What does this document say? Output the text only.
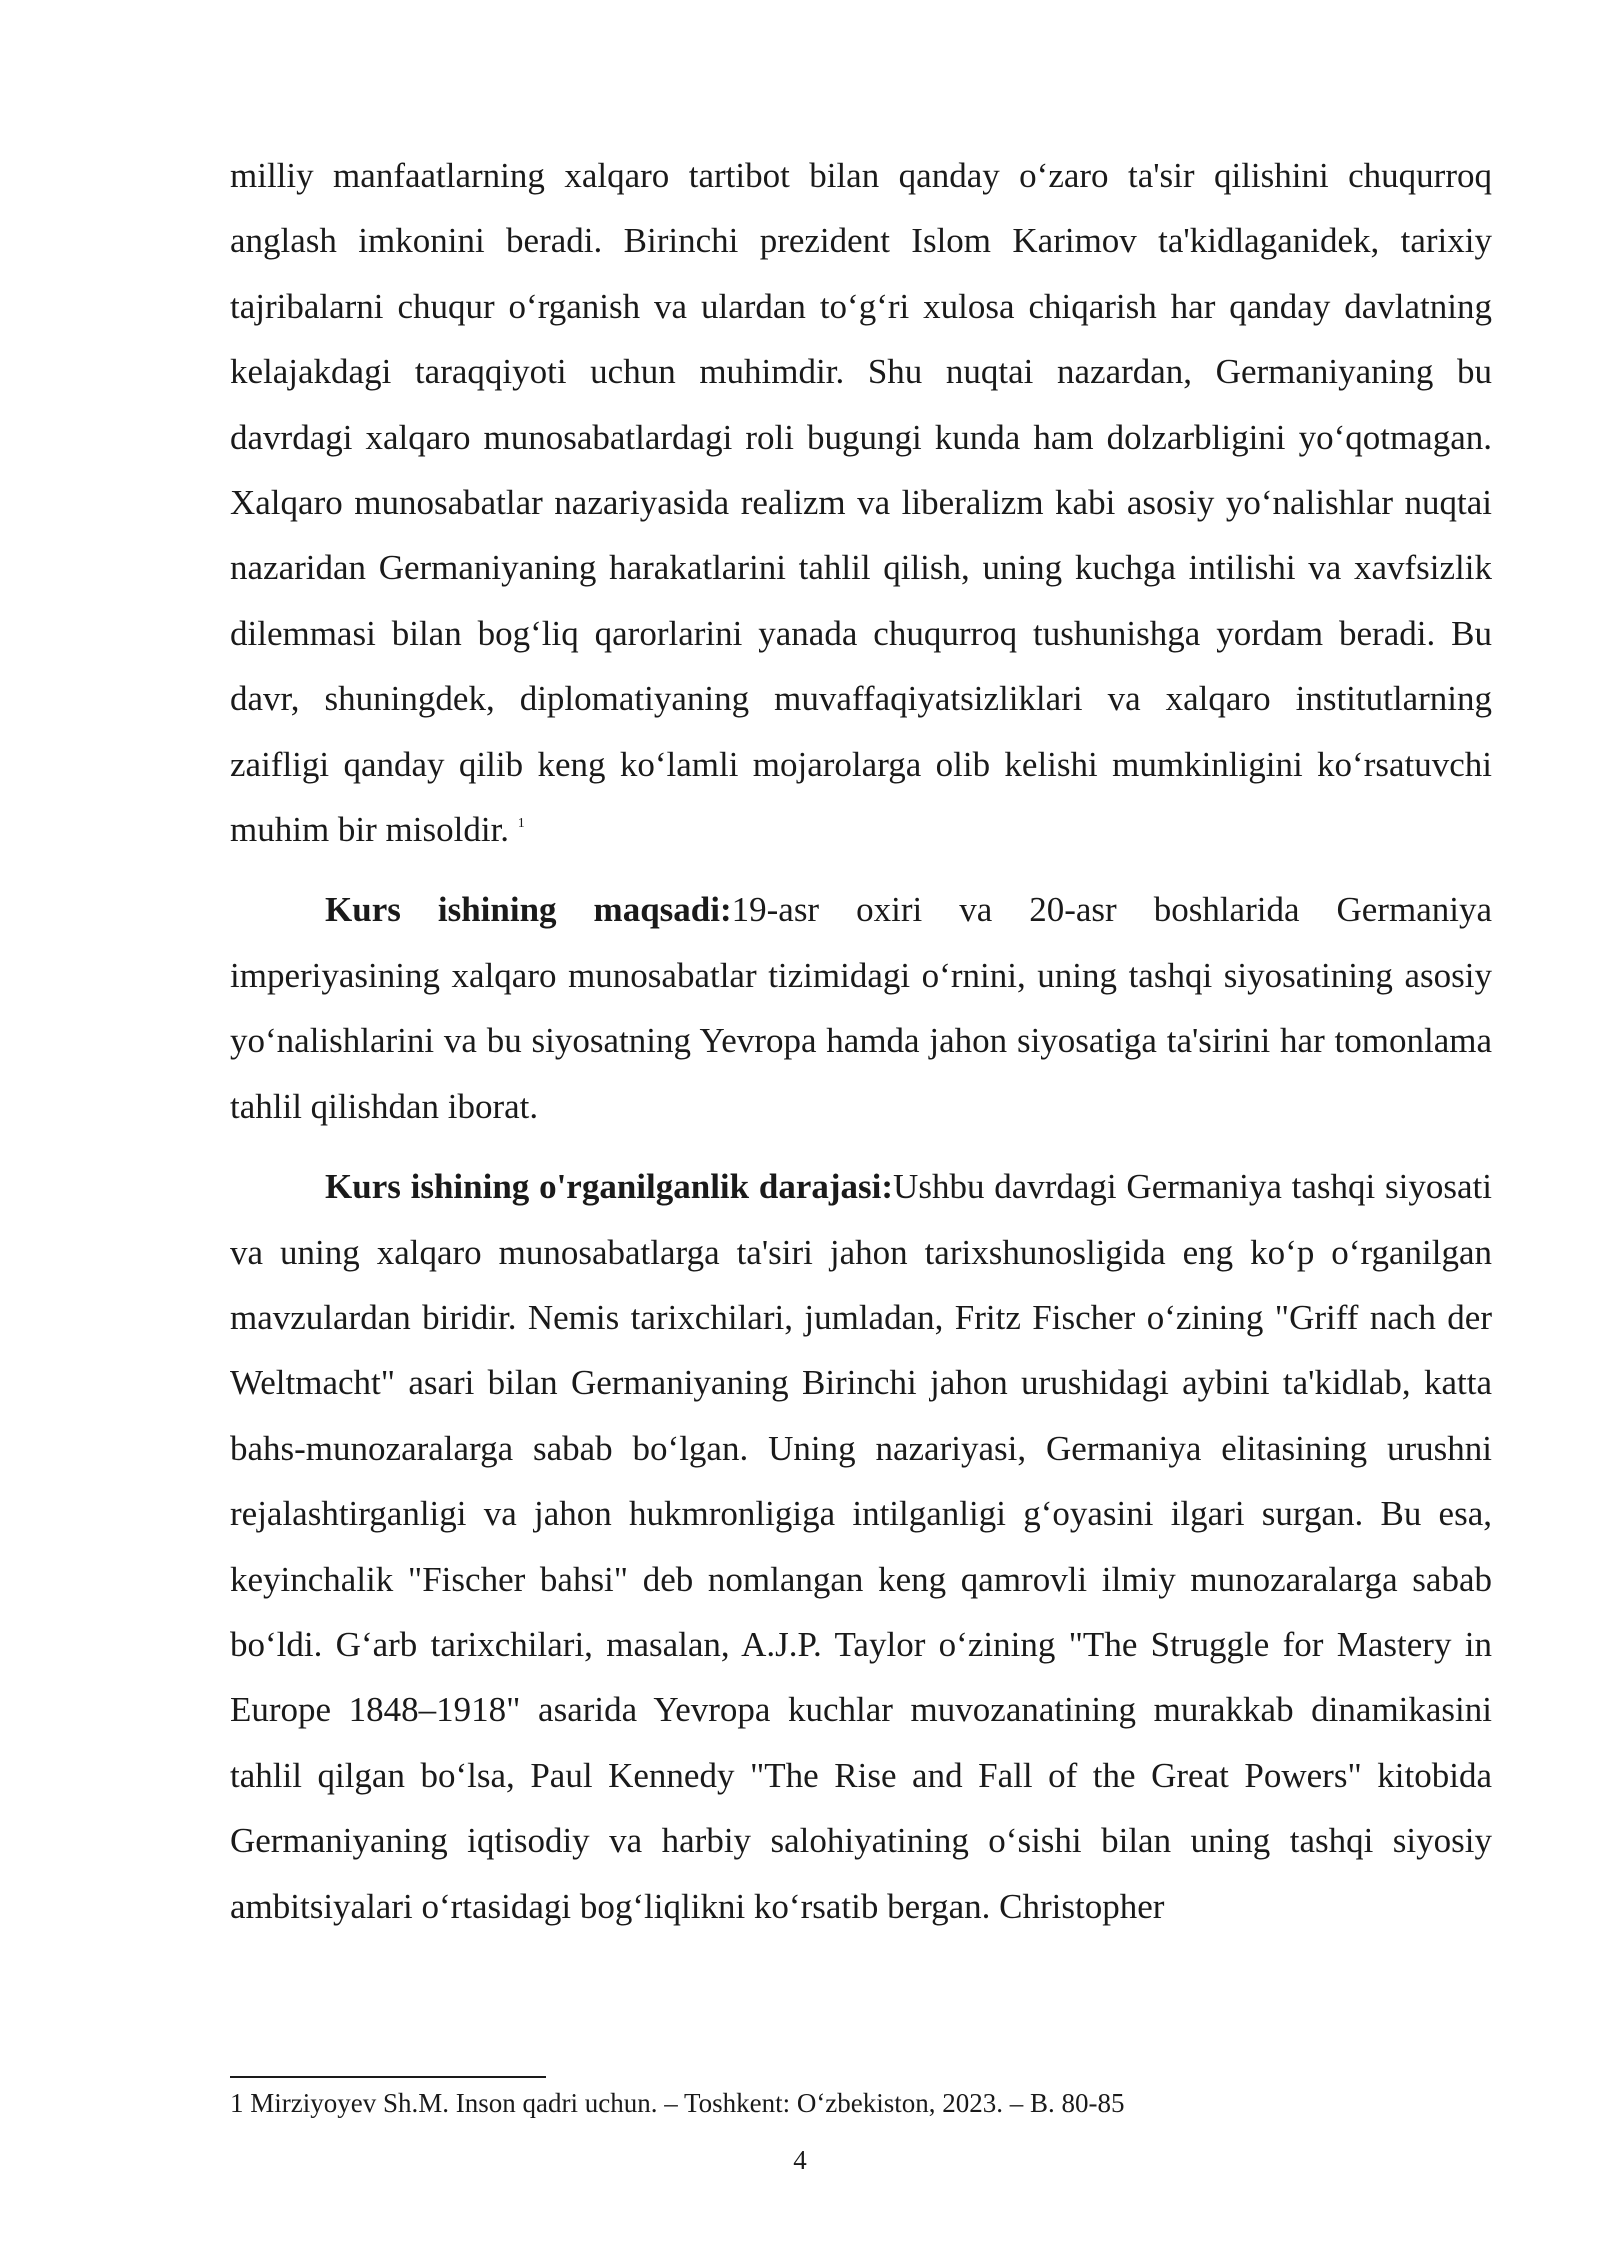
milliy manfaatlarning xalqaro tartibot bilan qanday o‘zaro ta'sir qilishini chuqurroq anglash imkonini beradi. Birinchi prezident Islom Karimov ta'kidlaganidek, tarixiy tajribalarni chuqur o‘rganish va ulardan to‘g‘ri xulosa chiqarish har qanday davlatning kelajakdagi taraqqiyoti uchun muhimdir. Shu nuqtai nazardan, Germaniyaning bu davrdagi xalqaro munosabatlardagi roli bugungi kunda ham dolzarbligini yo‘qotmagan. Xalqaro munosabatlar nazariyasida realizm va liberalizm kabi asosiy yo‘nalishlar nuqtai nazaridan Germaniyaning harakatlarini tahlil qilish, uning kuchga intilishi va xavfsizlik dilemmasi bilan bog‘liq qarorlarini yanada chuqurroq tushunishga yordam beradi. Bu davr, shuningdek, diplomatiyaning muvaffaqiyatsizliklari va xalqaro institutlarning zaifligi qanday qilib keng ko‘lamli mojarolarga olib kelishi mumkinligini ko‘rsatuvchi muhim bir misoldir. $^1$

Kurs ishining maqsadi:19-asr oxiri va 20-asr boshlarida Germaniya imperiyasining xalqaro munosabatlar tizimidagi o‘rnini, uning tashqi siyosatining asosiy yo‘nalishlarini va bu siyosatning Yevropa hamda jahon siyosatiga ta'sirini har tomonlama tahlil qilishdan iborat.

Kurs ishining o'rganilganlik darajasi:Ushbu davrdagi Germaniya tashqi siyosati va uning xalqaro munosabatlarga ta'siri jahon tarixshunosligida eng ko‘p o‘rganilgan mavzulardan biridir. Nemis tarixchilari, jumladan, Fritz Fischer o‘zining "Griff nach der Weltmacht" asari bilan Germaniyaning Birinchi jahon urushidagi aybini ta'kidlab, katta bahs-munozaralarga sabab bo‘lgan. Uning nazariyasi, Germaniya elitasining urushni rejalashtirganligi va jahon hukmronligiga intilganligi g‘oyasini ilgari surgan. Bu esa, keyinchalik "Fischer bahsi" deb nomlangan keng qamrovli ilmiy munozaralarga sabab bo‘ldi. G‘arb tarixchilari, masalan, A.J.P. Taylor o‘zining "The Struggle for Mastery in Europe 1848–1918" asarida Yevropa kuchlar muvozanatining murakkab dinamikasini tahlil qilgan bo‘lsa, Paul Kennedy "The Rise and Fall of the Great Powers" kitobida Germaniyaning iqtisodiy va harbiy salohiyatining o‘sishi bilan uning tashqi siyosiy ambitsiyalari o‘rtasidagi bog‘liqlikni ko‘rsatib bergan. Christopher

1 Mirziyoyev Sh.M. Inson qadri uchun. – Toshkent: O‘zbekiston, 2023. – B. 80-85

4
